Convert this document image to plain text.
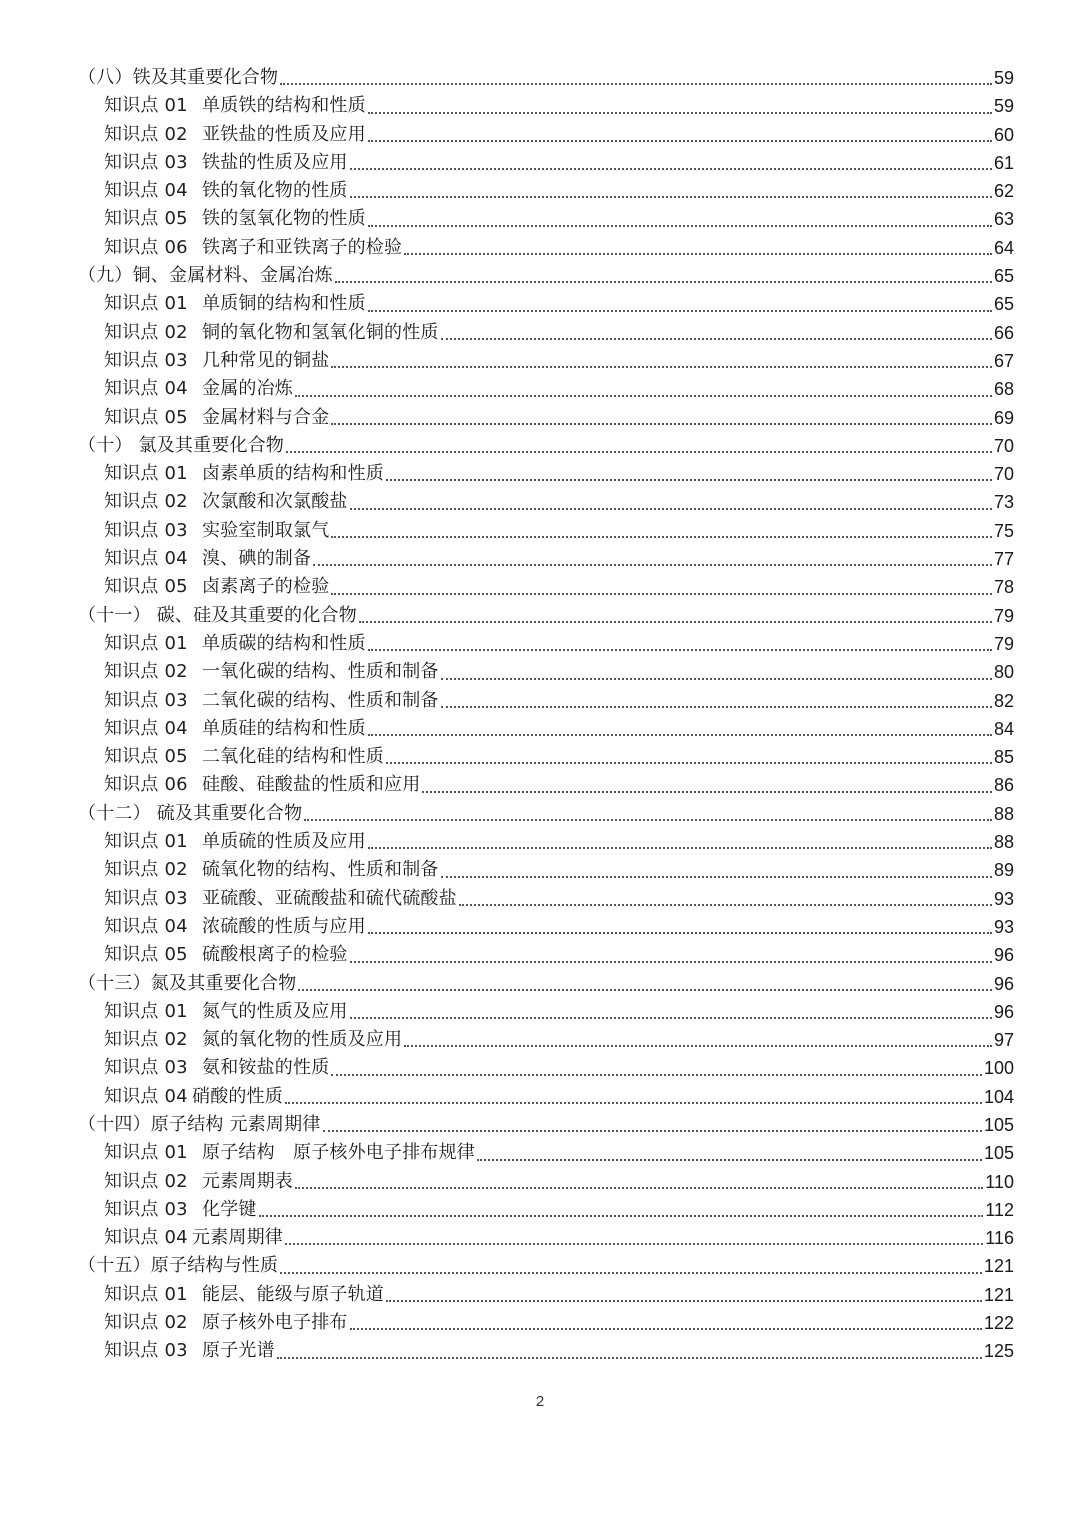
（八）铁及其重要化合物	59
知识点 01 单质铁的结构和性质	59
知识点 02 亚铁盐的性质及应用	60
知识点 03 铁盐的性质及应用	61
知识点 04 铁的氧化物的性质	62
知识点 05 铁的氢氧化物的性质	63
知识点 06 铁离子和亚铁离子的检验	64
（九）铜、金属材料、金属冶炼	65
知识点 01 单质铜的结构和性质	65
知识点 02 铜的氧化物和氢氧化铜的性质	66
知识点 03 几种常见的铜盐	67
知识点 04 金属的冶炼	68
知识点 05 金属材料与合金	69
（十） 氯及其重要化合物	70
知识点 01 卤素单质的结构和性质	70
知识点 02 次氯酸和次氯酸盐	73
知识点 03 实验室制取氯气	75
知识点 04 溴、碘的制备	77
知识点 05 卤素离子的检验	78
（十一） 碳、硅及其重要的化合物	79
知识点 01 单质碳的结构和性质	79
知识点 02 一氧化碳的结构、性质和制备	80
知识点 03 二氧化碳的结构、性质和制备	82
知识点 04 单质硅的结构和性质	84
知识点 05 二氧化硅的结构和性质	85
知识点 06 硅酸、硅酸盐的性质和应用	86
（十二） 硫及其重要化合物	88
知识点 01 单质硫的性质及应用	88
知识点 02 硫氧化物的结构、性质和制备	89
知识点 03 亚硫酸、亚硫酸盐和硫代硫酸盐	93
知识点 04 浓硫酸的性质与应用	93
知识点 05 硫酸根离子的检验	96
（十三）氮及其重要化合物	96
知识点 01 氮气的性质及应用	96
知识点 02 氮的氧化物的性质及应用	97
知识点 03 氨和铵盐的性质	100
知识点 04 硝酸的性质	104
（十四）原子结构 元素周期律	105
知识点 01 原子结构　原子核外电子排布规律	105
知识点 02 元素周期表	110
知识点 03 化学键	112
知识点 04 元素周期律	116
（十五）原子结构与性质	121
知识点 01 能层、能级与原子轨道	121
知识点 02 原子核外电子排布	122
知识点 03 原子光谱	125
2
